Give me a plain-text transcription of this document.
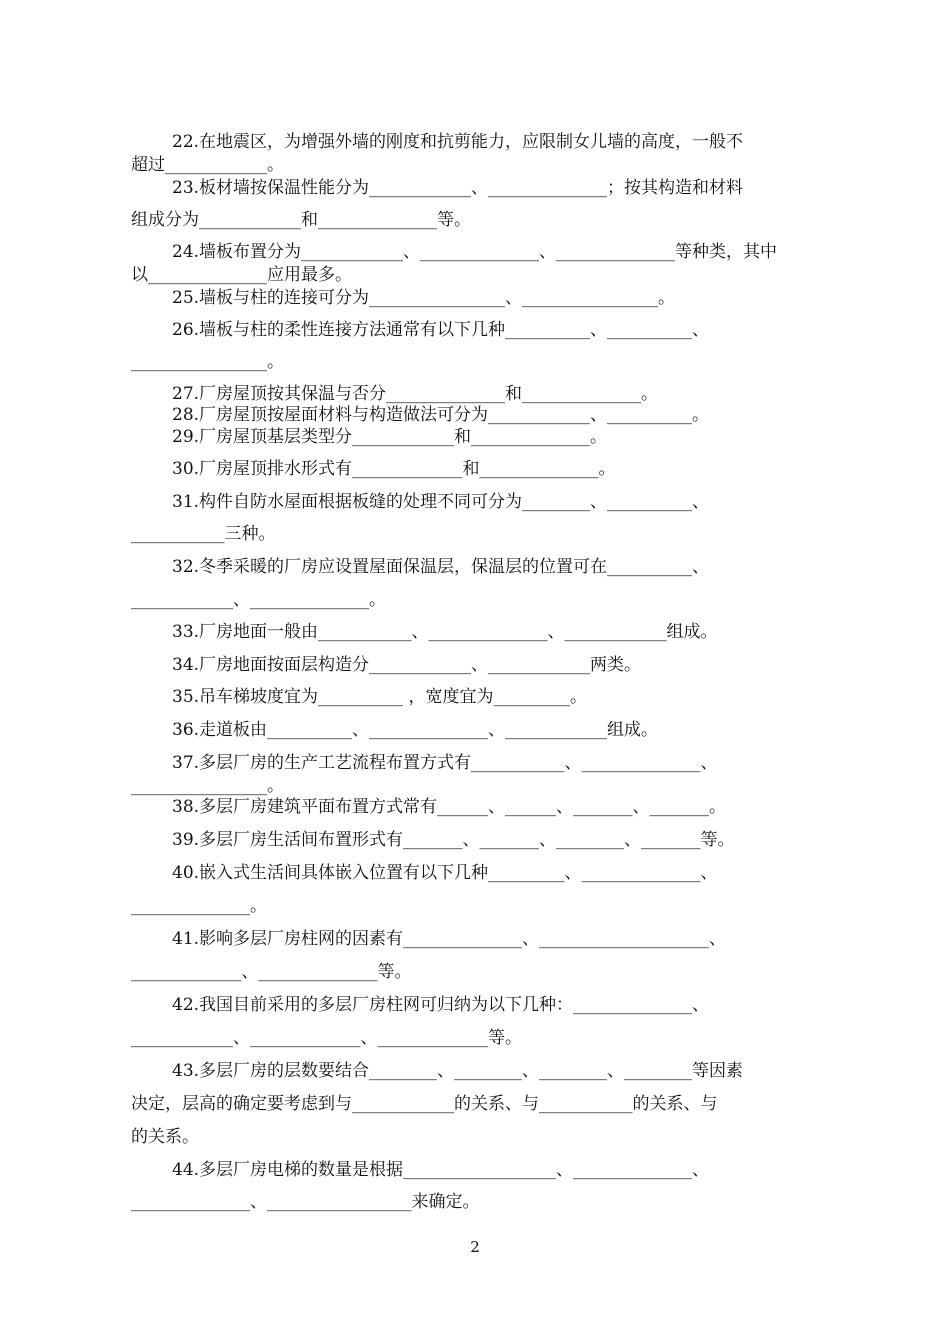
22.在地震区，为增强外墙的刚度和抗剪能力，应限制女儿墙的高度，一般不
超过____________。
23.板材墙按保温性能分为____________、______________；按其构造和材料
组成分为____________和______________等。
24.墙板布置分为____________、______________、______________等种类，其中
以______________应用最多。
25.墙板与柱的连接可分为________________、________________。
26.墙板与柱的柔性连接方法通常有以下几种__________、__________、
________________。
27.厂房屋顶按其保温与否分______________和______________。
28.厂房屋顶按屋面材料与构造做法可分为____________、__________。
29.厂房屋顶基层类型分____________和______________。
30.厂房屋顶排水形式有_____________和______________。
31.构件自防水屋面根据板缝的处理不同可分为________、__________、
___________三种。
32.冬季采暖的厂房应设置屋面保温层，保温层的位置可在__________、
____________、______________。
33.厂房地面一般由___________、______________、____________组成。
34.厂房地面按面层构造分____________、____________两类。
35.吊车梯坡度宜为__________ ，宽度宜为_________。
36.走道板由__________、______________、____________组成。
37.多层厂房的生产工艺流程布置方式有___________、______________、
________________。
38.多层厂房建筑平面布置方式常有______、______、_______、_______。
39.多层厂房生活间布置形式有_______、_______、________、_______等。
40.嵌入式生活间具体嵌入位置有以下几种_________、______________、
______________。
41.影响多层厂房柱网的因素有______________、____________________、
_____________、______________等。
42.我国目前采用的多层厂房柱网可归纳为以下几种：______________、
____________、_____________、_____________等。
43.多层厂房的层数要结合________、________、________、________等因素
决定，层高的确定要考虑到与____________的关系、与___________的关系、与
的关系。
44.多层厂房电梯的数量是根据__________________、______________、
______________、_________________来确定。
2
